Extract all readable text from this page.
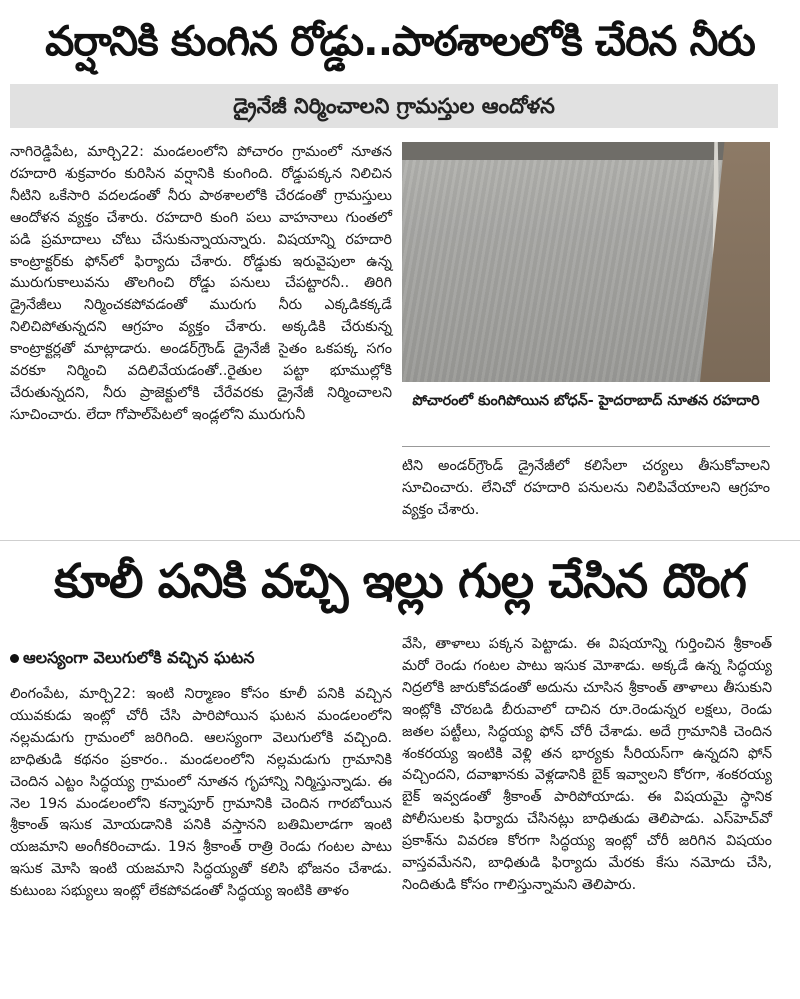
వర్షానికి కుంగిన రోడ్డు..పాఠశాలలోకి చేరిన నీరు
డ్రైనేజీ నిర్మించాలని గ్రామస్తుల ఆందోళన

నాగిరెడ్డిపేట, మార్చి22: మండలంలోని పోచారం గ్రామంలో నూతన రహదారి శుక్రవారం కురిసిన వర్షానికి కుంగింది. రోడ్డుపక్కన నిలిచిన నీటిని ఒకేసారి వదలడంతో నీరు పాఠశాలలోకి చేరడంతో గ్రామస్తులు ఆందోళన వ్యక్తం చేశారు. రహదారి కుంగి పలు వాహనాలు గుంతలో పడి ప్రమాదాలు చోటు చేసుకున్నాయన్నారు. విషయాన్ని రహదారి కాంట్రాక్టర్‌కు ఫోన్‌లో ఫిర్యాదు చేశారు. రోడ్డుకు ఇరువైపులా ఉన్న మురుగుకాలువను తొలగించి రోడ్డు పనులు చేపట్టారనీ.. తిరిగి డ్రైనేజీలు నిర్మించకపోవడంతో మురుగు నీరు ఎక్కడికక్కడే నిలిచిపోతున్నదని ఆగ్రహం వ్యక్తం చేశారు. అక్కడికి చేరుకున్న కాంట్రాక్టర్లతో మాట్లాడారు. అండర్‌గ్రౌండ్ డ్రైనేజీ సైతం ఒకపక్క సగం వరకూ నిర్మించి వదిలివేయడంతో..రైతుల పట్టా భూముల్లోకి చేరుతున్నదని, నీరు ప్రాజెక్టులోకి చేరేవరకు డ్రైనేజీ నిర్మించాలని సూచించారు. లేదా గోపాల్‌పేటలో ఇండ్లలోని మురుగునీ

పోచారంలో కుంగిపోయిన బోధన్- హైదరాబాద్ నూతన రహదారి

టిని అండర్‌గ్రౌండ్ డ్రైనేజీలో కలిసేలా చర్యలు తీసుకోవాలని సూచించారు. లేనిచో రహదారి పనులను నిలిపివేయాలని ఆగ్రహం వ్యక్తం చేశారు.

కూలీ పనికి వచ్చి ఇల్లు గుల్ల చేసిన దొంగ
ఆలస్యంగా వెలుగులోకి వచ్చిన ఘటన

లింగంపేట, మార్చి22: ఇంటి నిర్మాణం కోసం కూలీ పనికి వచ్చిన యువకుడు ఇంట్లో చోరీ చేసి పారిపోయిన ఘటన మండలంలోని నల్లమడుగు గ్రామంలో జరిగింది. ఆలస్యంగా వెలుగులోకి వచ్చింది. బాధితుడి కథనం ప్రకారం.. మండలంలోని నల్లమడుగు గ్రామానికి చెందిన ఎట్టం సిద్ధయ్య గ్రామంలో నూతన గృహాన్ని నిర్మిస్తున్నాడు. ఈ నెల 19న మండలంలోని కన్నాపూర్ గ్రామానికి చెందిన గారబోయిన శ్రీకాంత్ ఇసుక మోయడానికి పనికి వస్తానని బతిమిలాడగా ఇంటి యజమాని అంగీకరించాడు. 19న శ్రీకాంత్ రాత్రి రెండు గంటల పాటు ఇసుక మోసి ఇంటి యజమాని సిద్ధయ్యతో కలిసి భోజనం చేశాడు. కుటుంబ సభ్యులు ఇంట్లో లేకపోవడంతో సిద్ధయ్య ఇంటికి తాళం

వేసి, తాళాలు పక్కన పెట్టాడు. ఈ విషయాన్ని గుర్తించిన శ్రీకాంత్ మరో రెండు గంటల పాటు ఇసుక మోశాడు. అక్కడే ఉన్న సిద్ధయ్య నిద్రలోకి జారుకోవడంతో అదును చూసిన శ్రీకాంత్ తాళాలు తీసుకుని ఇంట్లోకి చొరబడి బీరువాలో దాచిన రూ.రెండున్నర లక్షలు, రెండు జతల పట్టీలు, సిద్ధయ్య ఫోన్ చోరీ చేశాడు. అదే గ్రామానికి చెందిన శంకరయ్య ఇంటికి వెళ్లి తన భార్యకు సీరియస్‌గా ఉన్నదని ఫోన్ వచ్చిందని, దవాఖానకు వెళ్లడానికి బైక్ ఇవ్వాలని కోరగా, శంకరయ్య బైక్ ఇవ్వడంతో శ్రీకాంత్ పారిపోయాడు. ఈ విషయమై స్థానిక పోలీసులకు ఫిర్యాదు చేసినట్లు బాధితుడు తెలిపాడు. ఎస్‌హెచ్‌వో ప్రకాశ్‌ను వివరణ కోరగా సిద్ధయ్య ఇంట్లో చోరీ జరిగిన విషయం వాస్తవమేనని, బాధితుడి ఫిర్యాదు మేరకు కేసు నమోదు చేసి, నిందితుడి కోసం గాలిస్తున్నామని తెలిపారు.
